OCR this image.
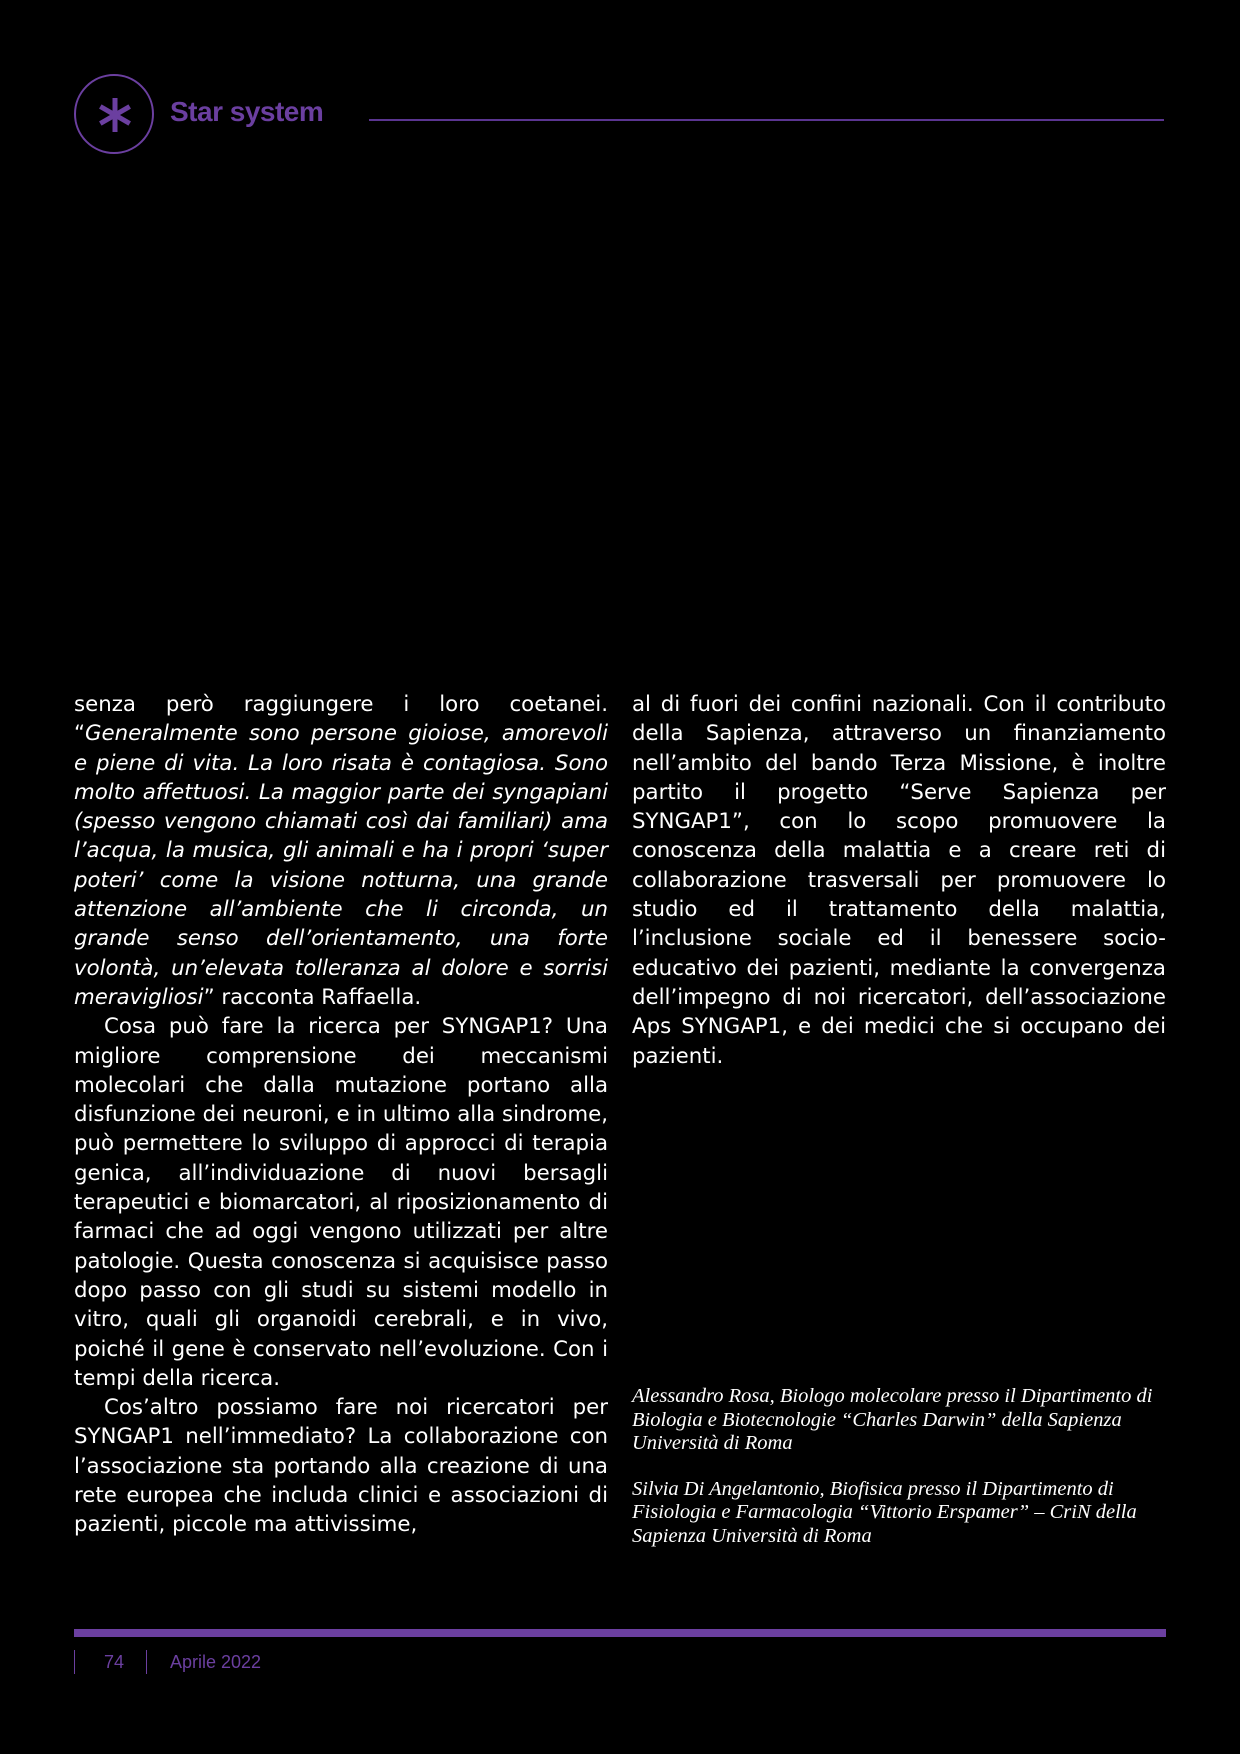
Star system

senza però raggiungere i loro coetanei. “Generalmente sono persone gioiose, amorevoli e piene di vita. La loro risata è contagiosa. Sono molto affettuosi. La maggior parte dei syngapiani (spesso vengono chiamati così dai familiari) ama l’acqua, la musica, gli animali e ha i propri ‘super poteri’ come la visione notturna, una grande attenzione all’ambiente che li circonda, un grande senso dell’orientamento, una forte volontà, un’elevata tolleranza al dolore e sorrisi meravigliosi” racconta Raffaella.

Cosa può fare la ricerca per SYNGAP1? Una migliore comprensione dei meccanismi molecolari che dalla mutazione portano alla disfunzione dei neuroni, e in ultimo alla sindrome, può permettere lo sviluppo di approcci di terapia genica, all’individuazione di nuovi bersagli terapeutici e biomarcatori, al riposizionamento di farmaci che ad oggi vengono utilizzati per altre patologie. Questa conoscenza si acquisisce passo dopo passo con gli studi su sistemi modello in vitro, quali gli organoidi cerebrali, e in vivo, poiché il gene è conservato nell’evoluzione. Con i tempi della ricerca.

Cos’altro possiamo fare noi ricercatori per SYNGAP1 nell’immediato? La collaborazione con l’associazione sta portando alla creazione di una rete europea che includa clinici e associazioni di pazienti, piccole ma attivissime,

al di fuori dei confini nazionali. Con il contributo della Sapienza, attraverso un finanziamento nell’ambito del bando Terza Missione, è inoltre partito il progetto “Serve Sapienza per SYNGAP1”, con lo scopo promuovere la conoscenza della malattia e a creare reti di collaborazione trasversali per promuovere lo studio ed il trattamento della malattia, l’inclusione sociale ed il benessere socio-educativo dei pazienti, mediante la convergenza dell’impegno di noi ricercatori, dell’associazione Aps SYNGAP1, e dei medici che si occupano dei pazienti.

Alessandro Rosa, Biologo molecolare presso il Dipartimento di Biologia e Biotecnologie “Charles Darwin” della Sapienza Università di Roma

Silvia Di Angelantonio, Biofisica presso il Dipartimento di Fisiologia e Farmacologia “Vittorio Erspamer” – CriN della Sapienza Università di Roma

74	Aprile 2022
